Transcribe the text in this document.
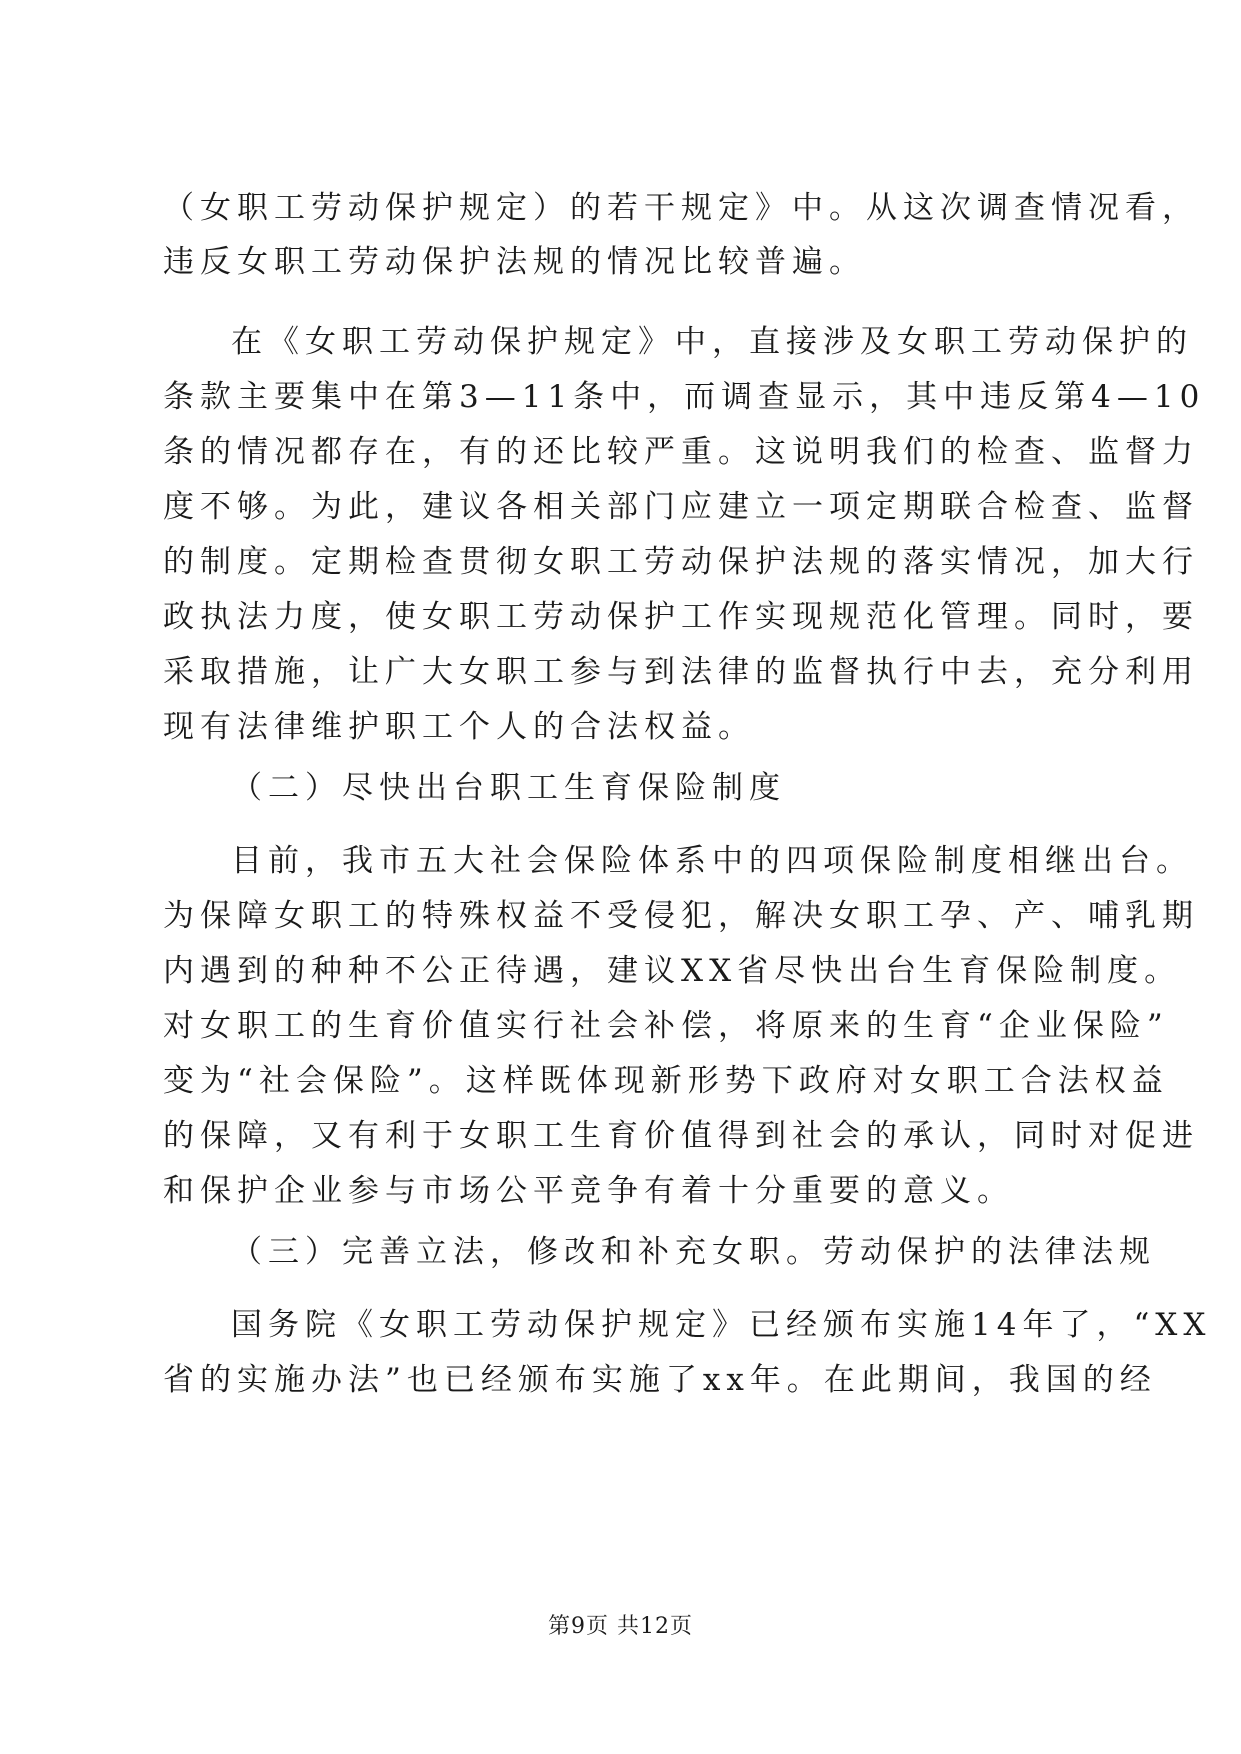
（女职工劳动保护规定）的若干规定》中。从这次调查情况看，
违反女职工劳动保护法规的情况比较普遍。
在《女职工劳动保护规定》中，直接涉及女职工劳动保护的
条款主要集中在第3—11条中，而调查显示，其中违反第4—10
条的情况都存在，有的还比较严重。这说明我们的检查、监督力
度不够。为此，建议各相关部门应建立一项定期联合检查、监督
的制度。定期检查贯彻女职工劳动保护法规的落实情况，加大行
政执法力度，使女职工劳动保护工作实现规范化管理。同时，要
采取措施，让广大女职工参与到法律的监督执行中去，充分利用
现有法律维护职工个人的合法权益。
（二）尽快出台职工生育保险制度
目前，我市五大社会保险体系中的四项保险制度相继出台。
为保障女职工的特殊权益不受侵犯，解决女职工孕、产、哺乳期
内遇到的种种不公正待遇，建议XX省尽快出台生育保险制度。
对女职工的生育价值实行社会补偿，将原来的生育“企业保险”
变为“社会保险”。这样既体现新形势下政府对女职工合法权益
的保障，又有利于女职工生育价值得到社会的承认，同时对促进
和保护企业参与市场公平竞争有着十分重要的意义。
（三）完善立法，修改和补充女职。劳动保护的法律法规
国务院《女职工劳动保护规定》已经颁布实施14年了，“XX
省的实施办法”也已经颁布实施了xx年。在此期间，我国的经
第9页 共12页
